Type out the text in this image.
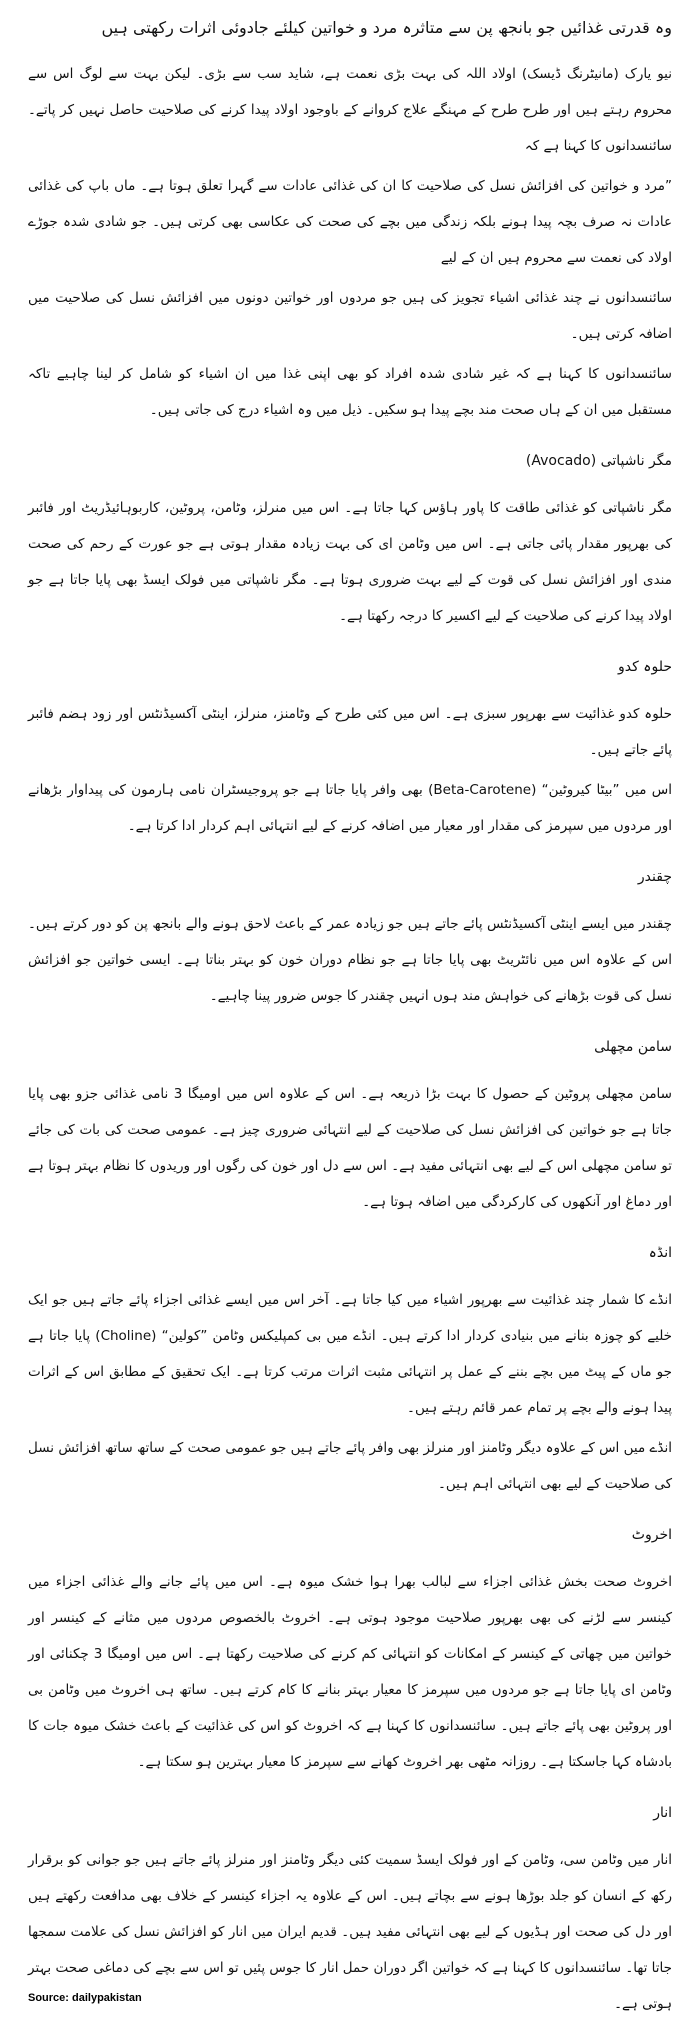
وہ قدرتی غذائیں جو بانجھ پن سے متاثرہ مرد و خواتین کیلئے جادوئی اثرات رکھتی ہیں

نیو یارک (مانیٹرنگ ڈیسک) اولاد اللہ کی بہت بڑی نعمت ہے، شاید سب سے بڑی۔ لیکن بہت سے لوگ اس سے محروم رہتے ہیں اور طرح طرح کے مہنگے علاج کروانے کے باوجود اولاد پیدا کرنے کی صلاحیت حاصل نہیں کر پاتے۔ سائنسدانوں کا کہنا ہے کہ

”مرد و خواتین کی افزائش نسل کی صلاحیت کا ان کی غذائی عادات سے گہرا تعلق ہوتا ہے۔ ماں باپ کی غذائی عادات نہ صرف بچہ پیدا ہونے بلکہ زندگی میں بچے کی صحت کی عکاسی بھی کرتی ہیں۔ جو شادی شدہ جوڑے اولاد کی نعمت سے محروم ہیں ان کے لیے

سائنسدانوں نے چند غذائی اشیاء تجویز کی ہیں جو مردوں اور خواتین دونوں میں افزائش نسل کی صلاحیت میں اضافہ کرتی ہیں۔

سائنسدانوں کا کہنا ہے کہ غیر شادی شدہ افراد کو بھی اپنی غذا میں ان اشیاء کو شامل کر لینا چاہیے تاکہ مستقبل میں ان کے ہاں صحت مند بچے پیدا ہو سکیں۔ ذیل میں وہ اشیاء درج کی جاتی ہیں۔

مگر ناشپاتی (Avocado)

مگر ناشپاتی کو غذائی طاقت کا پاور ہاؤس کہا جاتا ہے۔ اس میں منرلز، وٹامن، پروٹین، کاربوہائیڈریٹ اور فائبر کی بھرپور مقدار پائی جاتی ہے۔ اس میں وٹامن ای کی بہت زیادہ مقدار ہوتی ہے جو عورت کے رحم کی صحت مندی اور افزائش نسل کی قوت کے لیے بہت ضروری ہوتا ہے۔ مگر ناشپاتی میں فولک ایسڈ بھی پایا جاتا ہے جو اولاد پیدا کرنے کی صلاحیت کے لیے اکسیر کا درجہ رکھتا ہے۔

حلوہ کدو

حلوہ کدو غذائیت سے بھرپور سبزی ہے۔ اس میں کئی طرح کے وٹامنز، منرلز، اینٹی آکسیڈنٹس اور زود ہضم فائبر پائے جاتے ہیں۔

اس میں ”بیٹا کیروٹین“ (Beta-Carotene) بھی وافر پایا جاتا ہے جو پروجیسٹران نامی ہارمون کی پیداوار بڑھانے اور مردوں میں سپرمز کی مقدار اور معیار میں اضافہ کرنے کے لیے انتہائی اہم کردار ادا کرتا ہے۔

چقندر

چقندر میں ایسے اینٹی آکسیڈنٹس پائے جاتے ہیں جو زیادہ عمر کے باعث لاحق ہونے والے بانجھ پن کو دور کرتے ہیں۔ اس کے علاوہ اس میں نائٹریٹ بھی پایا جاتا ہے جو نظام دوران خون کو بہتر بناتا ہے۔ ایسی خواتین جو افزائش نسل کی قوت بڑھانے کی خواہش مند ہوں انہیں چقندر کا جوس ضرور پینا چاہیے۔

سامن مچھلی

سامن مچھلی پروٹین کے حصول کا بہت بڑا ذریعہ ہے۔ اس کے علاوہ اس میں اومیگا 3 نامی غذائی جزو بھی پایا جاتا ہے جو خواتین کی افزائش نسل کی صلاحیت کے لیے انتہائی ضروری چیز ہے۔ عمومی صحت کی بات کی جائے تو سامن مچھلی اس کے لیے بھی انتہائی مفید ہے۔ اس سے دل اور خون کی رگوں اور وریدوں کا نظام بہتر ہوتا ہے اور دماغ اور آنکھوں کی کارکردگی میں اضافہ ہوتا ہے۔

انڈہ

انڈے کا شمار چند غذائیت سے بھرپور اشیاء میں کیا جاتا ہے۔ آخر اس میں ایسے غذائی اجزاء پائے جاتے ہیں جو ایک خلیے کو چوزہ بنانے میں بنیادی کردار ادا کرتے ہیں۔ انڈے میں بی کمپلیکس وٹامن ”کولین“ (Choline) پایا جاتا ہے جو ماں کے پیٹ میں بچے بننے کے عمل پر انتہائی مثبت اثرات مرتب کرتا ہے۔ ایک تحقیق کے مطابق اس کے اثرات پیدا ہونے والے بچے پر تمام عمر قائم رہتے ہیں۔

انڈے میں اس کے علاوہ دیگر وٹامنز اور منرلز بھی وافر پائے جاتے ہیں جو عمومی صحت کے ساتھ ساتھ افزائش نسل کی صلاحیت کے لیے بھی انتہائی اہم ہیں۔

اخروٹ

اخروٹ صحت بخش غذائی اجزاء سے لبالب بھرا ہوا خشک میوہ ہے۔ اس میں پائے جانے والے غذائی اجزاء میں کینسر سے لڑنے کی بھی بھرپور صلاحیت موجود ہوتی ہے۔ اخروٹ بالخصوص مردوں میں مثانے کے کینسر اور خواتین میں چھاتی کے کینسر کے امکانات کو انتہائی کم کرنے کی صلاحیت رکھتا ہے۔ اس میں اومیگا 3 چکنائی اور وٹامن ای پایا جاتا ہے جو مردوں میں سپرمز کا معیار بہتر بنانے کا کام کرتے ہیں۔ ساتھ ہی اخروٹ میں وٹامن بی اور پروٹین بھی پائے جاتے ہیں۔ سائنسدانوں کا کہنا ہے کہ اخروٹ کو اس کی غذائیت کے باعث خشک میوہ جات کا بادشاہ کہا جاسکتا ہے۔ روزانہ مٹھی بھر اخروٹ کھانے سے سپرمز کا معیار بہترین ہو سکتا ہے۔

انار

انار میں وٹامن سی، وٹامن کے اور فولک ایسڈ سمیت کئی دیگر وٹامنز اور منرلز پائے جاتے ہیں جو جوانی کو برقرار رکھ کے انسان کو جلد بوڑھا ہونے سے بچاتے ہیں۔ اس کے علاوہ یہ اجزاء کینسر کے خلاف بھی مدافعت رکھتے ہیں اور دل کی صحت اور ہڈیوں کے لیے بھی انتہائی مفید ہیں۔ قدیم ایران میں انار کو افزائش نسل کی علامت سمجھا جاتا تھا۔ سائنسدانوں کا کہنا ہے کہ خواتین اگر دوران حمل انار کا جوس پئیں تو اس سے بچے کی دماغی صحت بہتر ہوتی ہے۔

Source: dailypakistan
